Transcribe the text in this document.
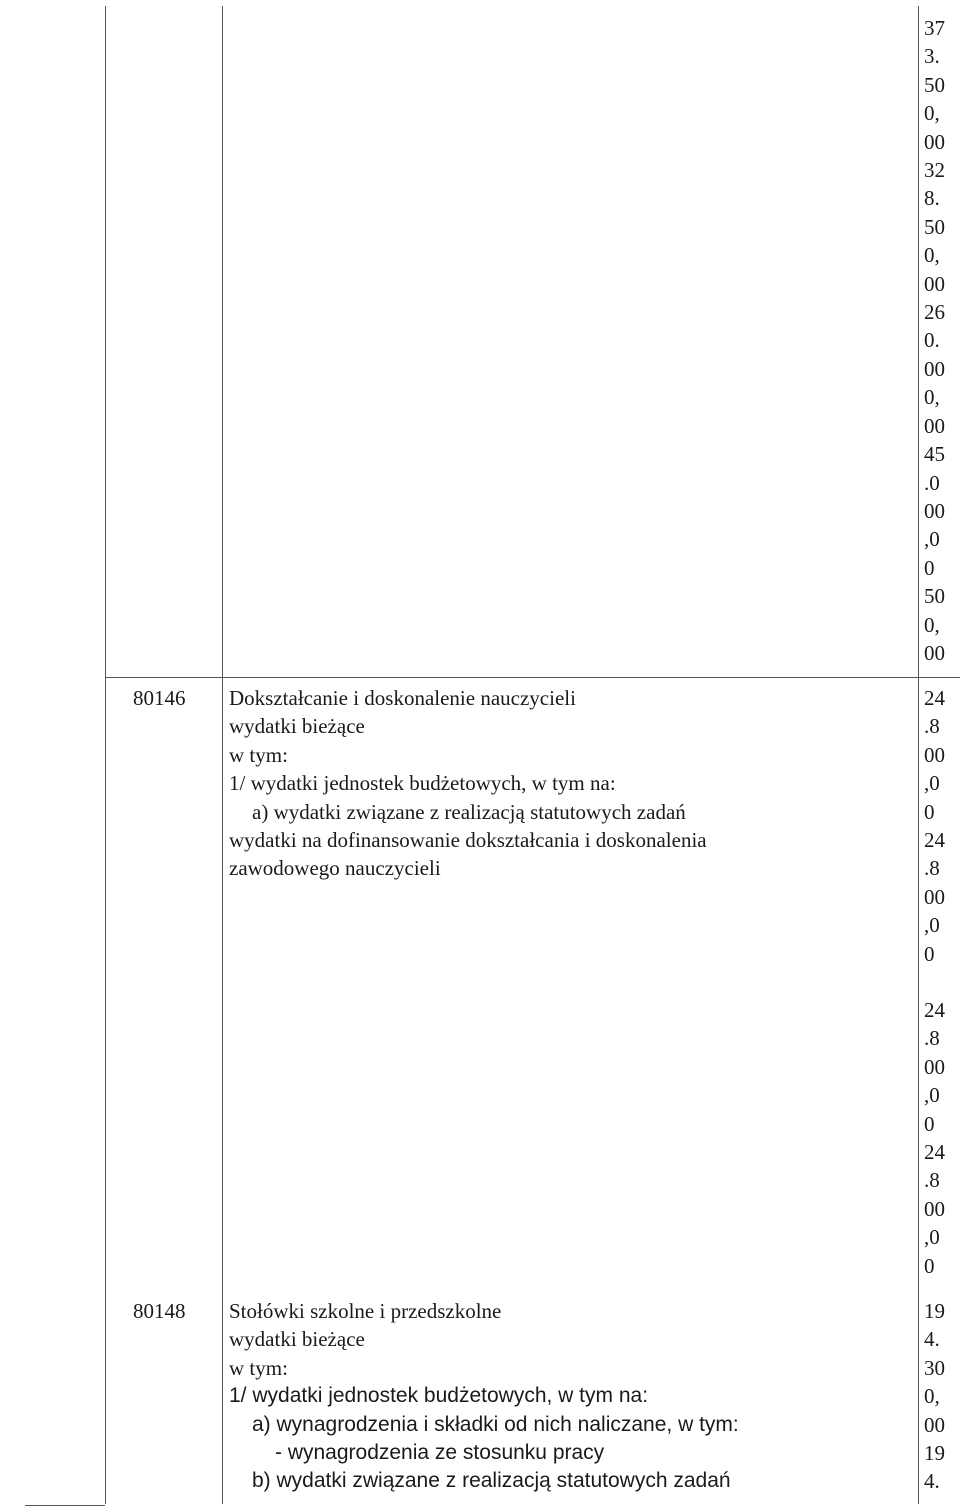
37
3.
50
0,
00
32
8.
50
0,
00
26
0.
00
0,
00
45
.0
00
,0
0
50
0,
00
80146 Dokształcanie i doskonalenie nauczycieli
wydatki bieżące
w tym:
1/ wydatki jednostek budżetowych, w tym na:
a) wydatki związane z realizacją statutowych zadań
wydatki na dofinansowanie dokształcania i doskonalenia
zawodowego nauczycieli
24
.8
00
,0
0
24
.8
00
,0
0
24
.8
00
,0
0
24
.8
00
,0
0
80148 Stołówki szkolne i przedszkolne
wydatki bieżące
w tym:
1/ wydatki jednostek budżetowych, w tym na:
a) wynagrodzenia i składki od nich naliczane, w tym:
- wynagrodzenia ze stosunku pracy
b) wydatki związane z realizacją statutowych zadań
19
4.
30
0,
00
19
4.
